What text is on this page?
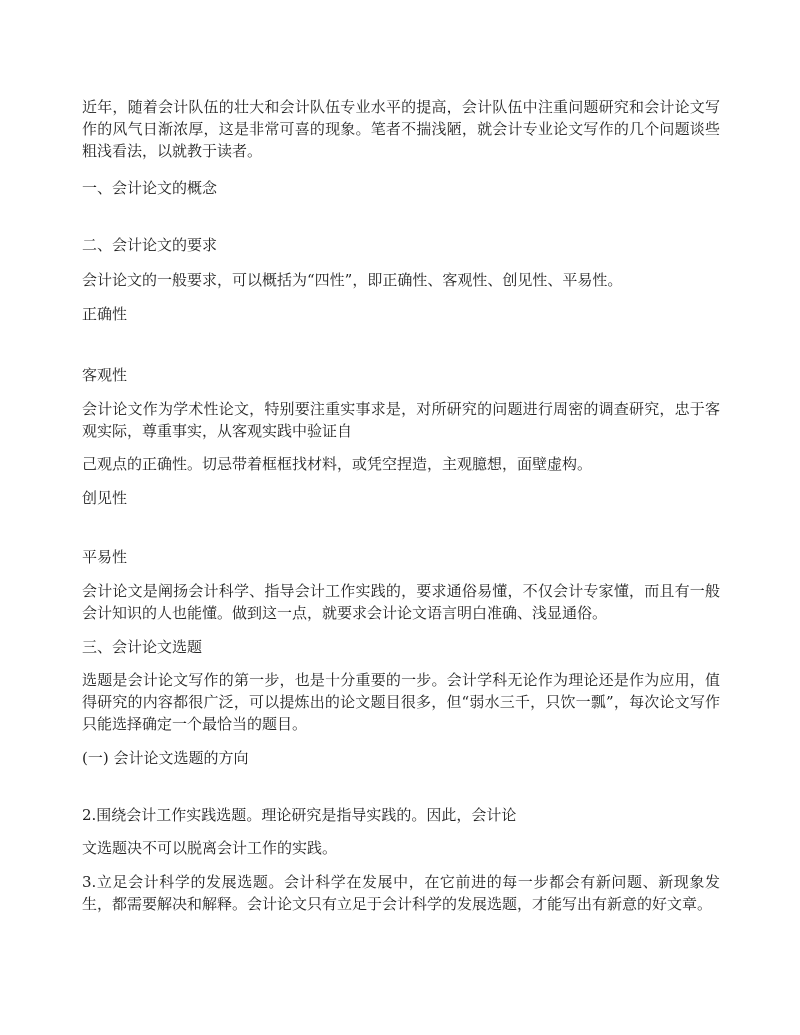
近年，随着会计队伍的壮大和会计队伍专业水平的提高，会计队伍中注重问题研究和会计论文写作的风气日渐浓厚，这是非常可喜的现象。笔者不揣浅陋，就会计专业论文写作的几个问题谈些粗浅看法，以就教于读者。
一、会计论文的概念
二、会计论文的要求
会计论文的一般要求，可以概括为“四性”，即正确性、客观性、创见性、平易性。
正确性
客观性
会计论文作为学术性论文，特别要注重实事求是，对所研究的问题进行周密的调查研究，忠于客观实际，尊重事实，从客观实践中验证自
己观点的正确性。切忌带着框框找材料，或凭空捏造，主观臆想，面壁虚构。
创见性
平易性
会计论文是阐扬会计科学、指导会计工作实践的，要求通俗易懂，不仅会计专家懂，而且有一般会计知识的人也能懂。做到这一点，就要求会计论文语言明白准确、浅显通俗。
三、会计论文选题
选题是会计论文写作的第一步，也是十分重要的一步。会计学科无论作为理论还是作为应用，值得研究的内容都很广泛，可以提炼出的论文题目很多，但“弱水三千，只饮一瓢”，每次论文写作只能选择确定一个最恰当的题目。
(一) 会计论文选题的方向
2.围绕会计工作实践选题。理论研究是指导实践的。因此，会计论
文选题决不可以脱离会计工作的实践。
3.立足会计科学的发展选题。会计科学在发展中，在它前进的每一步都会有新问题、新现象发生，都需要解决和解释。会计论文只有立足于会计科学的发展选题，才能写出有新意的好文章。
